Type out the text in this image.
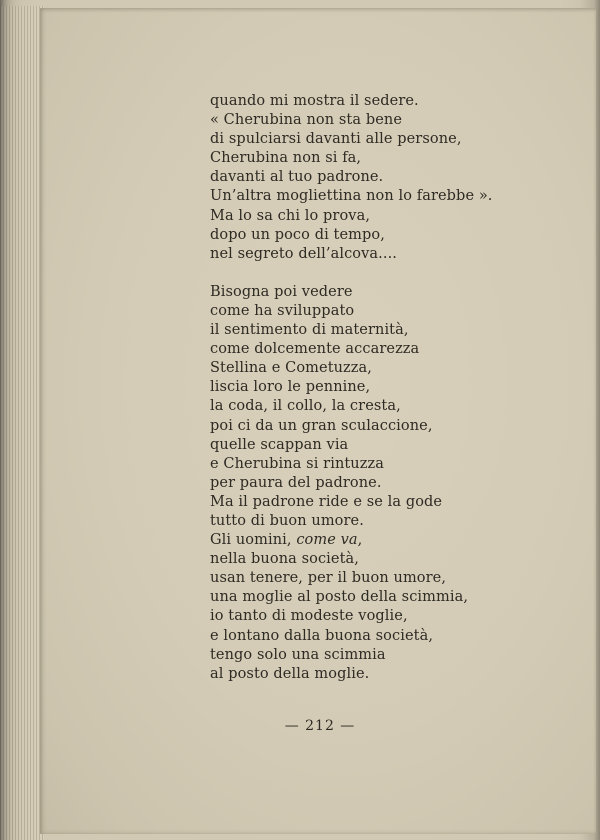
quando mi mostra il sedere.
« Cherubina non sta bene
di spulciarsi davanti alle persone,
Cherubina non si fa,
davanti al tuo padrone.
Un’altra mogliettina non lo farebbe ».
Ma lo sa chi lo prova,
dopo un poco di tempo,
nel segreto dell’alcova....
Bisogna poi vedere
come ha sviluppato
il sentimento di maternità,
come dolcemente accarezza
Stellina e Cometuzza,
liscia loro le pennine,
la coda, il collo, la cresta,
poi ci da un gran sculaccione,
quelle scappan via
e Cherubina si rintuzza
per paura del padrone.
Ma il padrone ride e se la gode
tutto di buon umore.
Gli uomini, come va,
nella buona società,
usan tenere, per il buon umore,
una moglie al posto della scimmia,
io tanto di modeste voglie,
e lontano dalla buona società,
tengo solo una scimmia
al posto della moglie.
— 212 —
